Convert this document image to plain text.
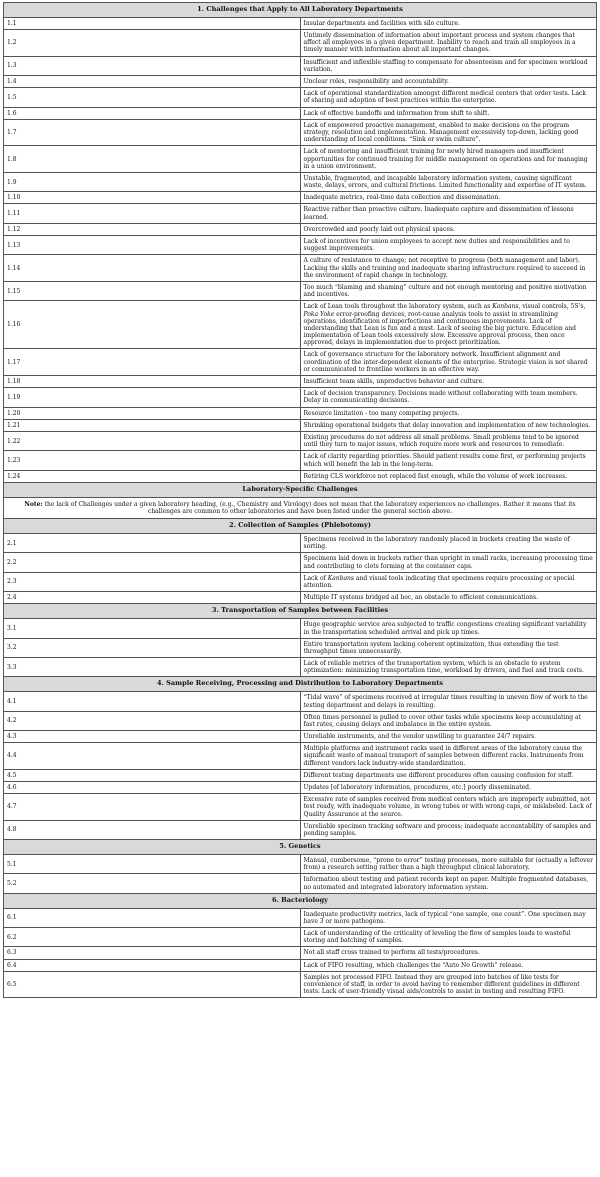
1. Challenges that Apply to All Laboratory Departments	
1.1	Insular departments and facilities with silo culture.
1.2	Untimely dissemination of information about important process and system changes that affect all employees in a given department. Inability to reach and train all employees in a timely manner with information about all important changes.
1.3	Insufficient and inflexible staffing to compensate for absenteeism and for specimen workload variation.
1.4	Unclear roles, responsibility and accountability.
1.5	Lack of operational standardization amongst different medical centers that order tests. Lack of sharing and adoption of best practices within the enterprise.
1.6	Lack of effective handoffs and information from shift to shift.
1.7	Lack of empowered proactive management, enabled to make decisions on the program strategy, resolution and implementation. Management excessively top-down, lacking good understanding of local conditions. “Sink or swim culture”.
1.8	Lack of mentoring and insufficient training for newly hired managers and insufficient opportunities for continued training for middle management on operations and for managing in a union environment.
1.9	Unstable, fragmented, and incapable laboratory information system, causing significant waste, delays, errors, and cultural frictions. Limited functionality and expertise of IT system.
1.10	Inadequate metrics, real-time data collection and dissemination.
1.11	Reactive rather than proactive culture. Inadequate capture and dissemination of lessons learned.
1.12	Overcrowded and poorly laid out physical spaces.
1.13	Lack of incentives for union employees to accept new duties and responsibilities and to suggest improvements.
1.14	A culture of resistance to change; not receptive to progress (both management and labor). Lacking the skills and training and inadequate sharing infrastructure required to succeed in the environment of rapid change in technology.
1.15	Too much “blaming and shaming” culture and not enough mentoring and positive motivation and incentives.
1.16	Lack of Lean tools throughout the laboratory system, such as Kanbans, visual controls, 5S’s, Poka Yoke error-proofing devices, root-cause analysis tools to assist in streamlining operations, identification of imperfections and continuous improvements. Lack of understanding that Lean is fun and a must. Lack of seeing the big picture. Education and implementation of Lean tools excessively slow. Excessive approval process, then once approved, delays in implementation due to project prioritization.
1.17	Lack of governance structure for the laboratory network. Insufficient alignment and coordination of the inter-dependent elements of the enterprise. Strategic vision is not shared or communicated to frontline workers in an effective way.
1.18	Insufficient team skills, unproductive behavior and culture.
1.19	Lack of decision transparency. Decisions made without collaborating with team members. Delay in communicating decisions.
1.20	Resource limitation - too many competing projects.
1.21	Shrinking operational budgets that delay innovation and implementation of new technologies.
1.22	Existing procedures do not address all small problems. Small problems tend to be ignored until they turn to major issues, which require more work and resources to remediate.
1.23	Lack of clarity regarding priorities. Should patient results come first, or performing projects which will benefit the lab in the long-term.
1.24	Retiring CLS workforce not replaced fast enough, while the volume of work increases.
Laboratory-Specific Challenges	
Note: the lack of Challenges under a given laboratory heading, (e.g., Chemistry and Virology) does not mean that the laboratory experiences no challenges. Rather it means that its challenges are common to other laboratories and have been listed under the general section above.	
2. Collection of Samples (Phlebotomy)	
2.1	Specimens received in the laboratory randomly placed in buckets creating the waste of sorting.
2.2	Specimens laid down in buckets rather than upright in small racks, increasing processing time and contributing to clots forming at the container caps.
2.3	Lack of Kanbans and visual tools indicating that specimens require processing or special attention.
2.4	Multiple IT systems bridged ad hoc, an obstacle to efficient communications.
3. Transportation of Samples between Facilities	
3.1	Huge geographic service area subjected to traffic congestions creating significant variability in the transportation scheduled arrival and pick up times.
3.2	Entire transportation system lacking coherent optimization, thus extending the test throughput times unnecessarily.
3.3	Lack of reliable metrics of the transportation system, which is an obstacle to system optimization: minimizing transportation time, workload by drivers, and fuel and track costs.
4. Sample Receiving, Processing and Distribution to Laboratory Departments	
4.1	“Tidal wave” of specimens received at irregular times resulting in uneven flow of work to the testing department and delays in resulting.
4.2	Often times personnel is pulled to cover other tasks while specimens keep accumulating at fast rates, causing delays and imbalance in the entire system.
4.3	Unreliable instruments, and the vendor unwilling to guarantee 24/7 repairs.
4.4	Multiple platforms and instrument racks used in different areas of the laboratory cause the significant waste of manual transport of samples between different racks. Instruments from different vendors lack industry-wide standardization.
4.5	Different testing departments use different procedures often causing confusion for staff.
4.6	Updates [of laboratory information, procedures, etc.] poorly disseminated.
4.7	Excessive rate of samples received from medical centers which are improperly submitted, not test ready, with inadequate volume, in wrong tubes or with wrong caps, or mislabeled. Lack of Quality Assurance at the source.
4.8	Unreliable specimen tracking software and process; inadequate accountability of samples and pending samples.
5. Genetics	
5.1	Manual, cumbersome, “prone to error” testing processes, more suitable for (actually a leftover from) a research setting rather than a high throughput clinical laboratory.
5.2	Information about testing and patient records kept on paper. Multiple fragmented databases, no automated and integrated laboratory information system.
6. Bacteriology	
6.1	Inadequate productivity metrics, lack of typical “one sample, one count”. One specimen may have 3 or more pathogens.
6.2	Lack of understanding of the criticality of leveling the flow of samples leads to wasteful storing and batching of samples.
6.3	Not all staff cross trained to perform all tests/procedures.
6.4	Lack of FIFO resulting, which challenges the “Auto No Growth” release.
6.5	Samples not processed FIFO. Instead they are grouped into batches of like tests for convenience of staff, in order to avoid having to remember different guidelines in different tests. Lack of user-friendly visual aids/controls to assist in testing and resulting FIFO.
